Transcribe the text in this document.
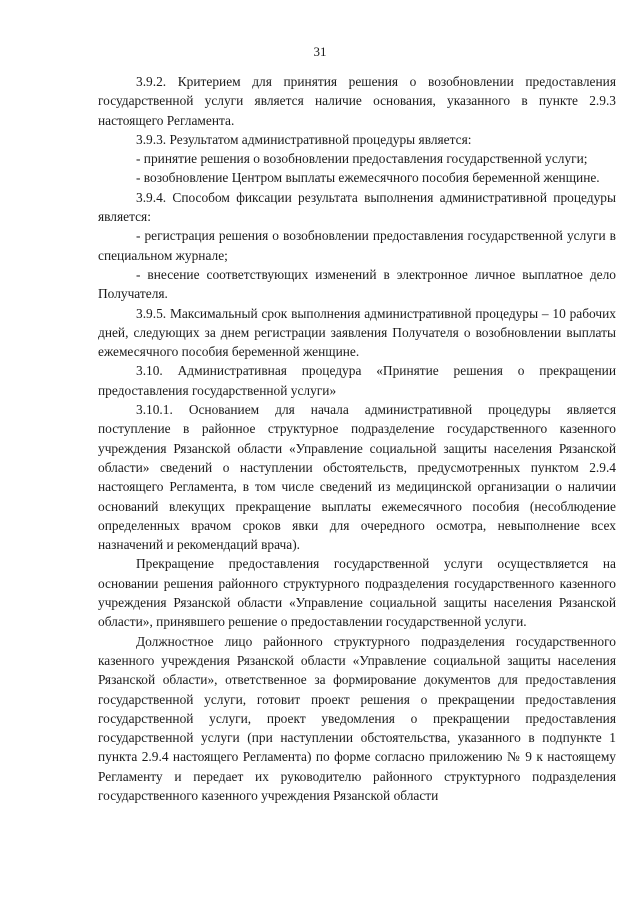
31

3.9.2. Критерием для принятия решения о возобновлении предоставления государственной услуги является наличие основания, указанного в пункте 2.9.3 настоящего Регламента.

3.9.3. Результатом административной процедуры является:

- принятие решения о возобновлении предоставления государственной услуги;

- возобновление Центром выплаты ежемесячного пособия беременной женщине.

3.9.4. Способом фиксации результата выполнения административной процедуры является:

- регистрация решения о возобновлении предоставления государственной услуги в специальном журнале;

- внесение соответствующих изменений в электронное личное выплатное дело Получателя.

3.9.5. Максимальный срок выполнения административной процедуры – 10 рабочих дней, следующих за днем регистрации заявления Получателя о возобновлении выплаты ежемесячного пособия беременной женщине.

3.10. Административная процедура «Принятие решения о прекращении предоставления государственной услуги»

3.10.1. Основанием для начала административной процедуры является поступление в районное структурное подразделение государственного казенного учреждения Рязанской области «Управление социальной защиты населения Рязанской области» сведений о наступлении обстоятельств, предусмотренных пунктом 2.9.4 настоящего Регламента, в том числе сведений из медицинской организации о наличии оснований влекущих прекращение выплаты ежемесячного пособия (несоблюдение определенных врачом сроков явки для очередного осмотра, невыполнение всех назначений и рекомендаций врача).

Прекращение предоставления государственной услуги осуществляется на основании решения районного структурного подразделения государственного казенного учреждения Рязанской области «Управление социальной защиты населения Рязанской области», принявшего решение о предоставлении государственной услуги.

Должностное лицо районного структурного подразделения государственного казенного учреждения Рязанской области «Управление социальной защиты населения Рязанской области», ответственное за формирование документов для предоставления государственной услуги, готовит проект решения о прекращении предоставления государственной услуги, проект уведомления о прекращении предоставления государственной услуги (при наступлении обстоятельства, указанного в подпункте 1 пункта 2.9.4 настоящего Регламента) по форме согласно приложению № 9 к настоящему Регламенту и передает их руководителю районного структурного подразделения государственного казенного учреждения Рязанской области
